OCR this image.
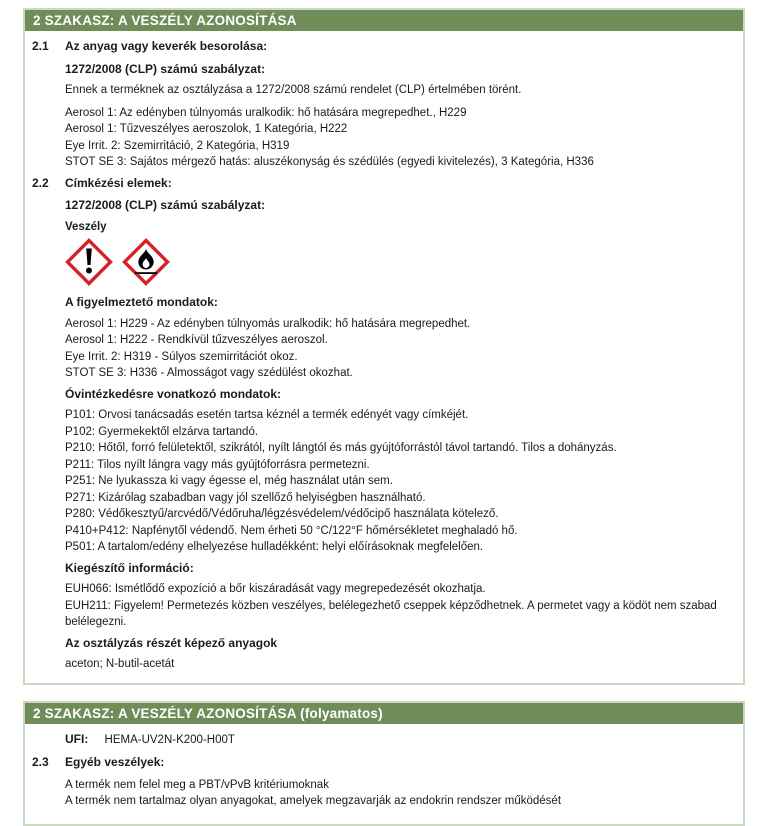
2 SZAKASZ: A VESZÉLY AZONOSÍTÁSA
2.1 Az anyag vagy keverék besorolása:
1272/2008 (CLP) számú szabályzat:
Ennek a terméknek az osztályzása a 1272/2008 számú rendelet (CLP) értelmében törént.
Aerosol 1: Az edényben túlnyomás uralkodik: hő hatására megrepedhet., H229
Aerosol 1: Tűzveszélyes aeroszolok, 1 Kategória, H222
Eye Irrit. 2: Szemirritáció, 2 Kategória, H319
STOT SE 3: Sajátos mérgező hatás: aluszékonyság és szédülés (egyedi kivitelezés), 3 Kategória, H336
2.2 Címkézési elemek:
1272/2008 (CLP) számú szabályzat:
Veszély
A figyelmeztető mondatok:
Aerosol 1: H229 - Az edényben túlnyomás uralkodik: hő hatására megrepedhet.
Aerosol 1: H222 - Rendkívül tűzveszélyes aeroszol.
Eye Irrit. 2: H319 - Súlyos szemirritációt okoz.
STOT SE 3: H336 - Almosságot vagy szédülést okozhat.
Óvintézkedésre vonatkozó mondatok:
P101: Orvosi tanácsadás esetén tartsa kéznél a termék edényét vagy címkéjét.
P102: Gyermekektől elzárva tartandó.
P210: Hőtől, forró felületektől, szikrától, nyílt lángtól és más gyújtóforrástól távol tartandó. Tilos a dohányzás.
P211: Tilos nyílt lángra vagy más gyújtóforrásra permetezni.
P251: Ne lyukassza ki vagy égesse el, még használat után sem.
P271: Kizárólag szabadban vagy jól szellőző helyiségben használható.
P280: Védőkesztyű/arcvédő/Védőruha/légzésvédelem/védőcipő használata kötelező.
P410+P412: Napfénytől védendő. Nem érheti 50 °C/122°F hőmérsékletet meghaladó hő.
P501: A tartalom/edény elhelyezése hulladékként: helyi előírásoknak megfelelően.
Kiegészítő információ:
EUH066: Ismétlődő expozíció a bőr kiszáradását vagy megrepedezését okozhatja.
EUH211: Figyelem! Permetezés közben veszélyes, belélegezhető cseppek képződhetnek. A permetet vagy a ködöt nem szabad belélegezni.
Az osztályzás részét képező anyagok
aceton; N-butil-acetát
2 SZAKASZ: A VESZÉLY AZONOSÍTÁSA (folyamatos)
UFI: HEMA-UV2N-K200-H00T
2.3 Egyéb veszélyek:
A termék nem felel meg a PBT/vPvB kritériumoknak
A termék nem tartalmaz olyan anyagokat, amelyek megzavarják az endokrin rendszer működését
